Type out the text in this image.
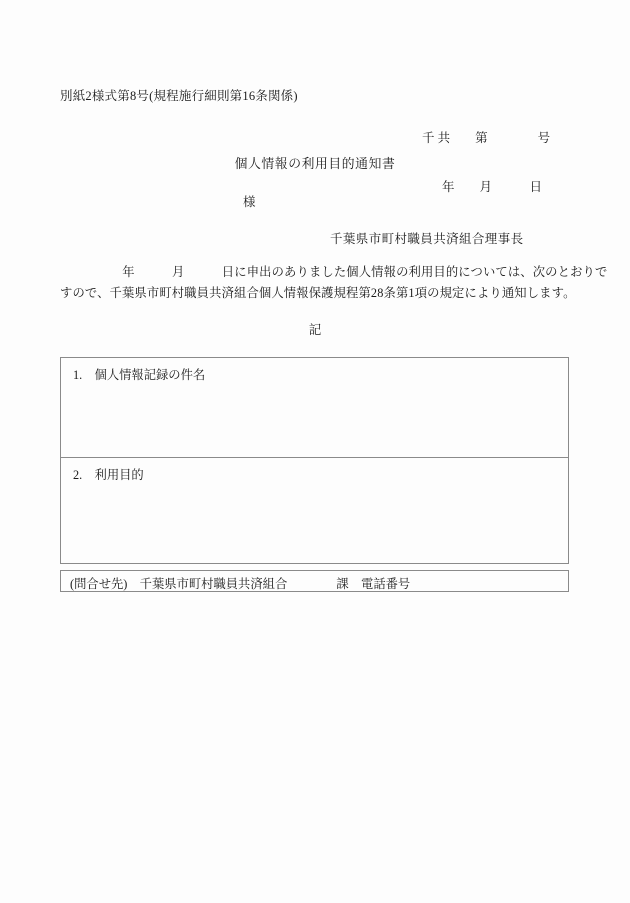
別紙2様式第8号(規程施行細則第16条関係)

千 共　　第　　　　号

年　　月　　　日

個人情報の利用目的通知書
様
千葉県市町村職員共済組合理事長
　　　　　年　　　月　　　日に申出のありました個人情報の利用目的については、次のとおりで
すので、千葉県市町村職員共済組合個人情報保護規程第28条第1項の規定により通知します。
記
1.　個人情報記録の件名
2.　利用目的
(問合せ先)　千葉県市町村職員共済組合　　　　課　電話番号
